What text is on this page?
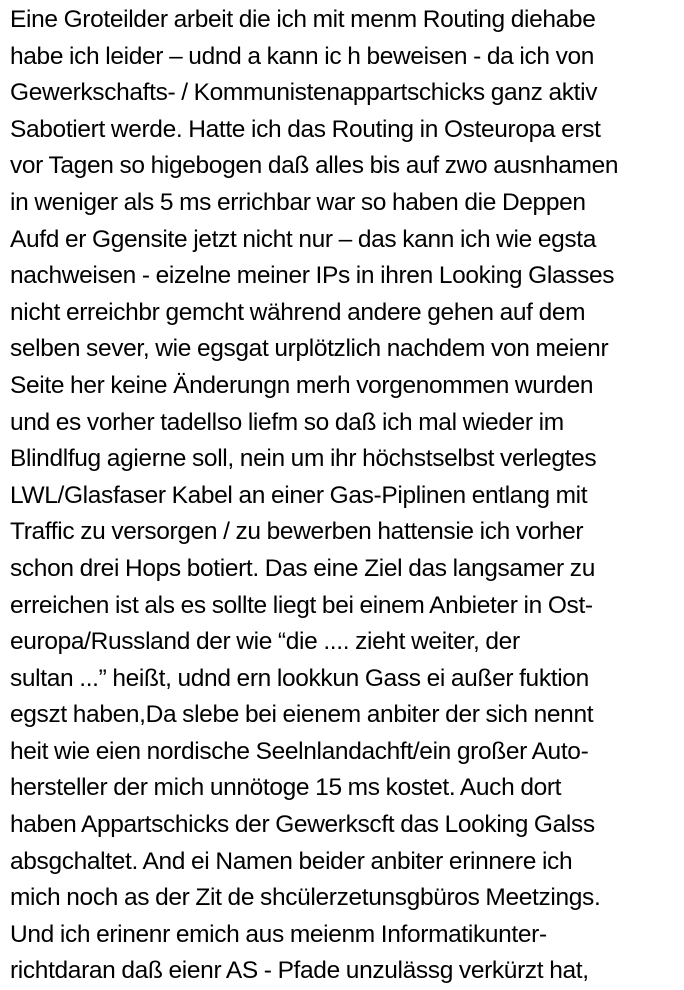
Eine Groteilder arbeit die ich mit menm Routing diehabe
habe ich leider – udnd a kann ic h beweisen - da ich von
Gewerkschafts- / Kommunistenappartschicks ganz aktiv
Sabotiert werde. Hatte ich das Routing in Osteuropa erst
vor Tagen so higebogen daß alles bis auf zwo ausnhamen
in weniger als 5 ms errichbar war so haben die Deppen
Aufd er Ggensite jetzt nicht nur – das kann ich wie egsta
nachweisen - eizelne meiner IPs in ihren Looking Glasses
nicht erreichbr gemcht während andere gehen auf dem
selben sever, wie egsgat urplötzlich nachdem von meienr
Seite her keine Änderungn merh vorgenommen wurden
und es vorher tadellso liefm so daß ich mal wieder im
Blindlfug agierne soll, nein um ihr höchstselbst verlegtes
LWL/Glasfaser Kabel an einer Gas-Piplinen entlang mit
Traffic zu versorgen / zu bewerben hattensie ich vorher
schon drei Hops botiert. Das eine Ziel das langsamer zu
erreichen ist als es sollte liegt bei einem Anbieter in Ost-
europa/Russland der wie “die .... zieht weiter, der
sultan ...” heißt, udnd ern lookkun Gass ei außer fuktion
egszt haben,Da slebe bei eienem anbiter der sich nennt
heit wie eien nordische Seelnlandachft/ein großer Auto-
hersteller der mich unnötoge 15 ms kostet. Auch dort
haben Appartschicks der Gewerkscft das Looking Galss
absgchaltet. And ei Namen beider anbiter erinnere ich
mich noch as der Zit de shcülerzetunsgbüros Meetzings.
Und ich erinenr emich aus meienm Informatikunter-
richtdaran daß eienr AS - Pfade unzulässg verkürzt hat,
